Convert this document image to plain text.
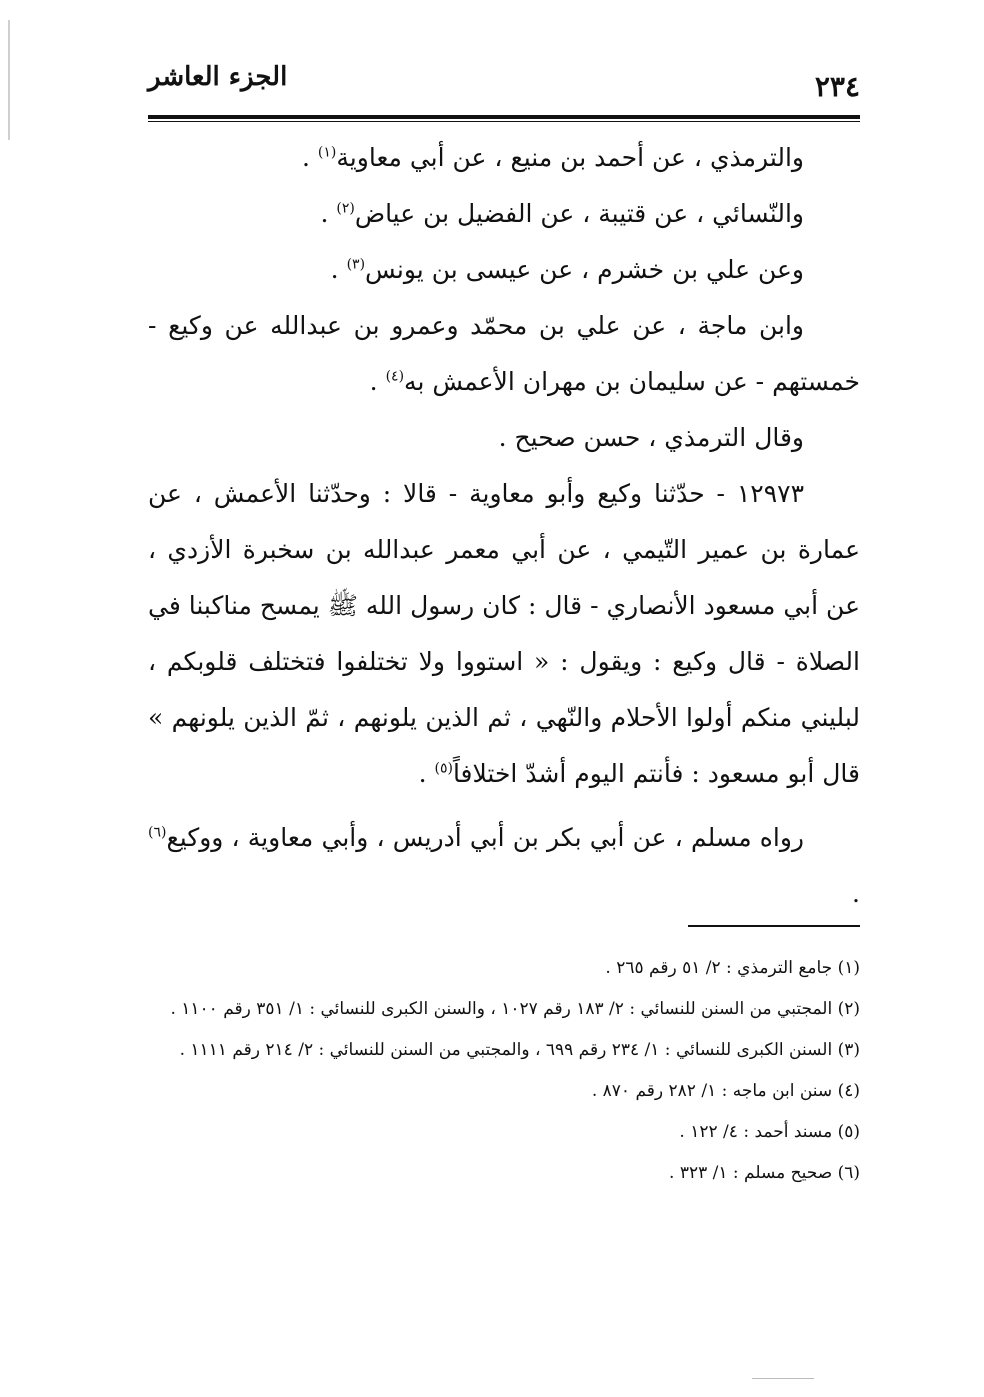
٢٣٤
الجزء العاشر

والترمذي ، عن أحمد بن منيع ، عن أبي معاوية$^{(١)}$ .

والنّسائي ، عن قتيبة ، عن الفضيل بن عياض$^{(٢)}$ .

وعن علي بن خشرم ، عن عيسى بن يونس$^{(٣)}$ .

وابن ماجة ، عن علي بن محمّد وعمرو بن عبدالله عن وكيع - خمستهم - عن سليمان بن مهران الأعمش به$^{(٤)}$ .

وقال الترمذي ، حسن صحيح .

١٢٩٧٣ - حدّثنا وكيع وأبو معاوية - قالا : وحدّثنا الأعمش ، عن عمارة بن عمير التّيمي ، عن أبي معمر عبدالله بن سخبرة الأزدي ، عن أبي مسعود الأنصاري - قال : كان رسول الله ﷺ يمسح مناكبنا في الصلاة - قال وكيع : ويقول : « استووا ولا تختلفوا فتختلف قلوبكم ، لبليني منكم أولوا الأحلام والنّهي ، ثم الذين يلونهم ، ثمّ الذين يلونهم » قال أبو مسعود : فأنتم اليوم أشدّ اختلافاً$^{(٥)}$ .

رواه مسلم ، عن أبي بكر بن أبي أدريس ، وأبي معاوية ، ووكيع$^{(٦)}$ .

(١) جامع الترمذي : ٢/ ٥١ رقم ٢٦٥ .

(٢) المجتبي من السنن للنسائي : ٢/ ١٨٣ رقم ١٠٢٧ ، والسنن الكبرى للنسائي : ١/ ٣٥١ رقم ١١٠٠ .

(٣) السنن الكبرى للنسائي : ١/ ٢٣٤ رقم ٦٩٩ ، والمجتبي من السنن للنسائي : ٢/ ٢١٤ رقم ١١١١ .

(٤) سنن ابن ماجه : ١/ ٢٨٢ رقم ٨٧٠ .

(٥) مسند أحمد : ٤/ ١٢٢ .

(٦) صحيح مسلم : ١/ ٣٢٣ .
